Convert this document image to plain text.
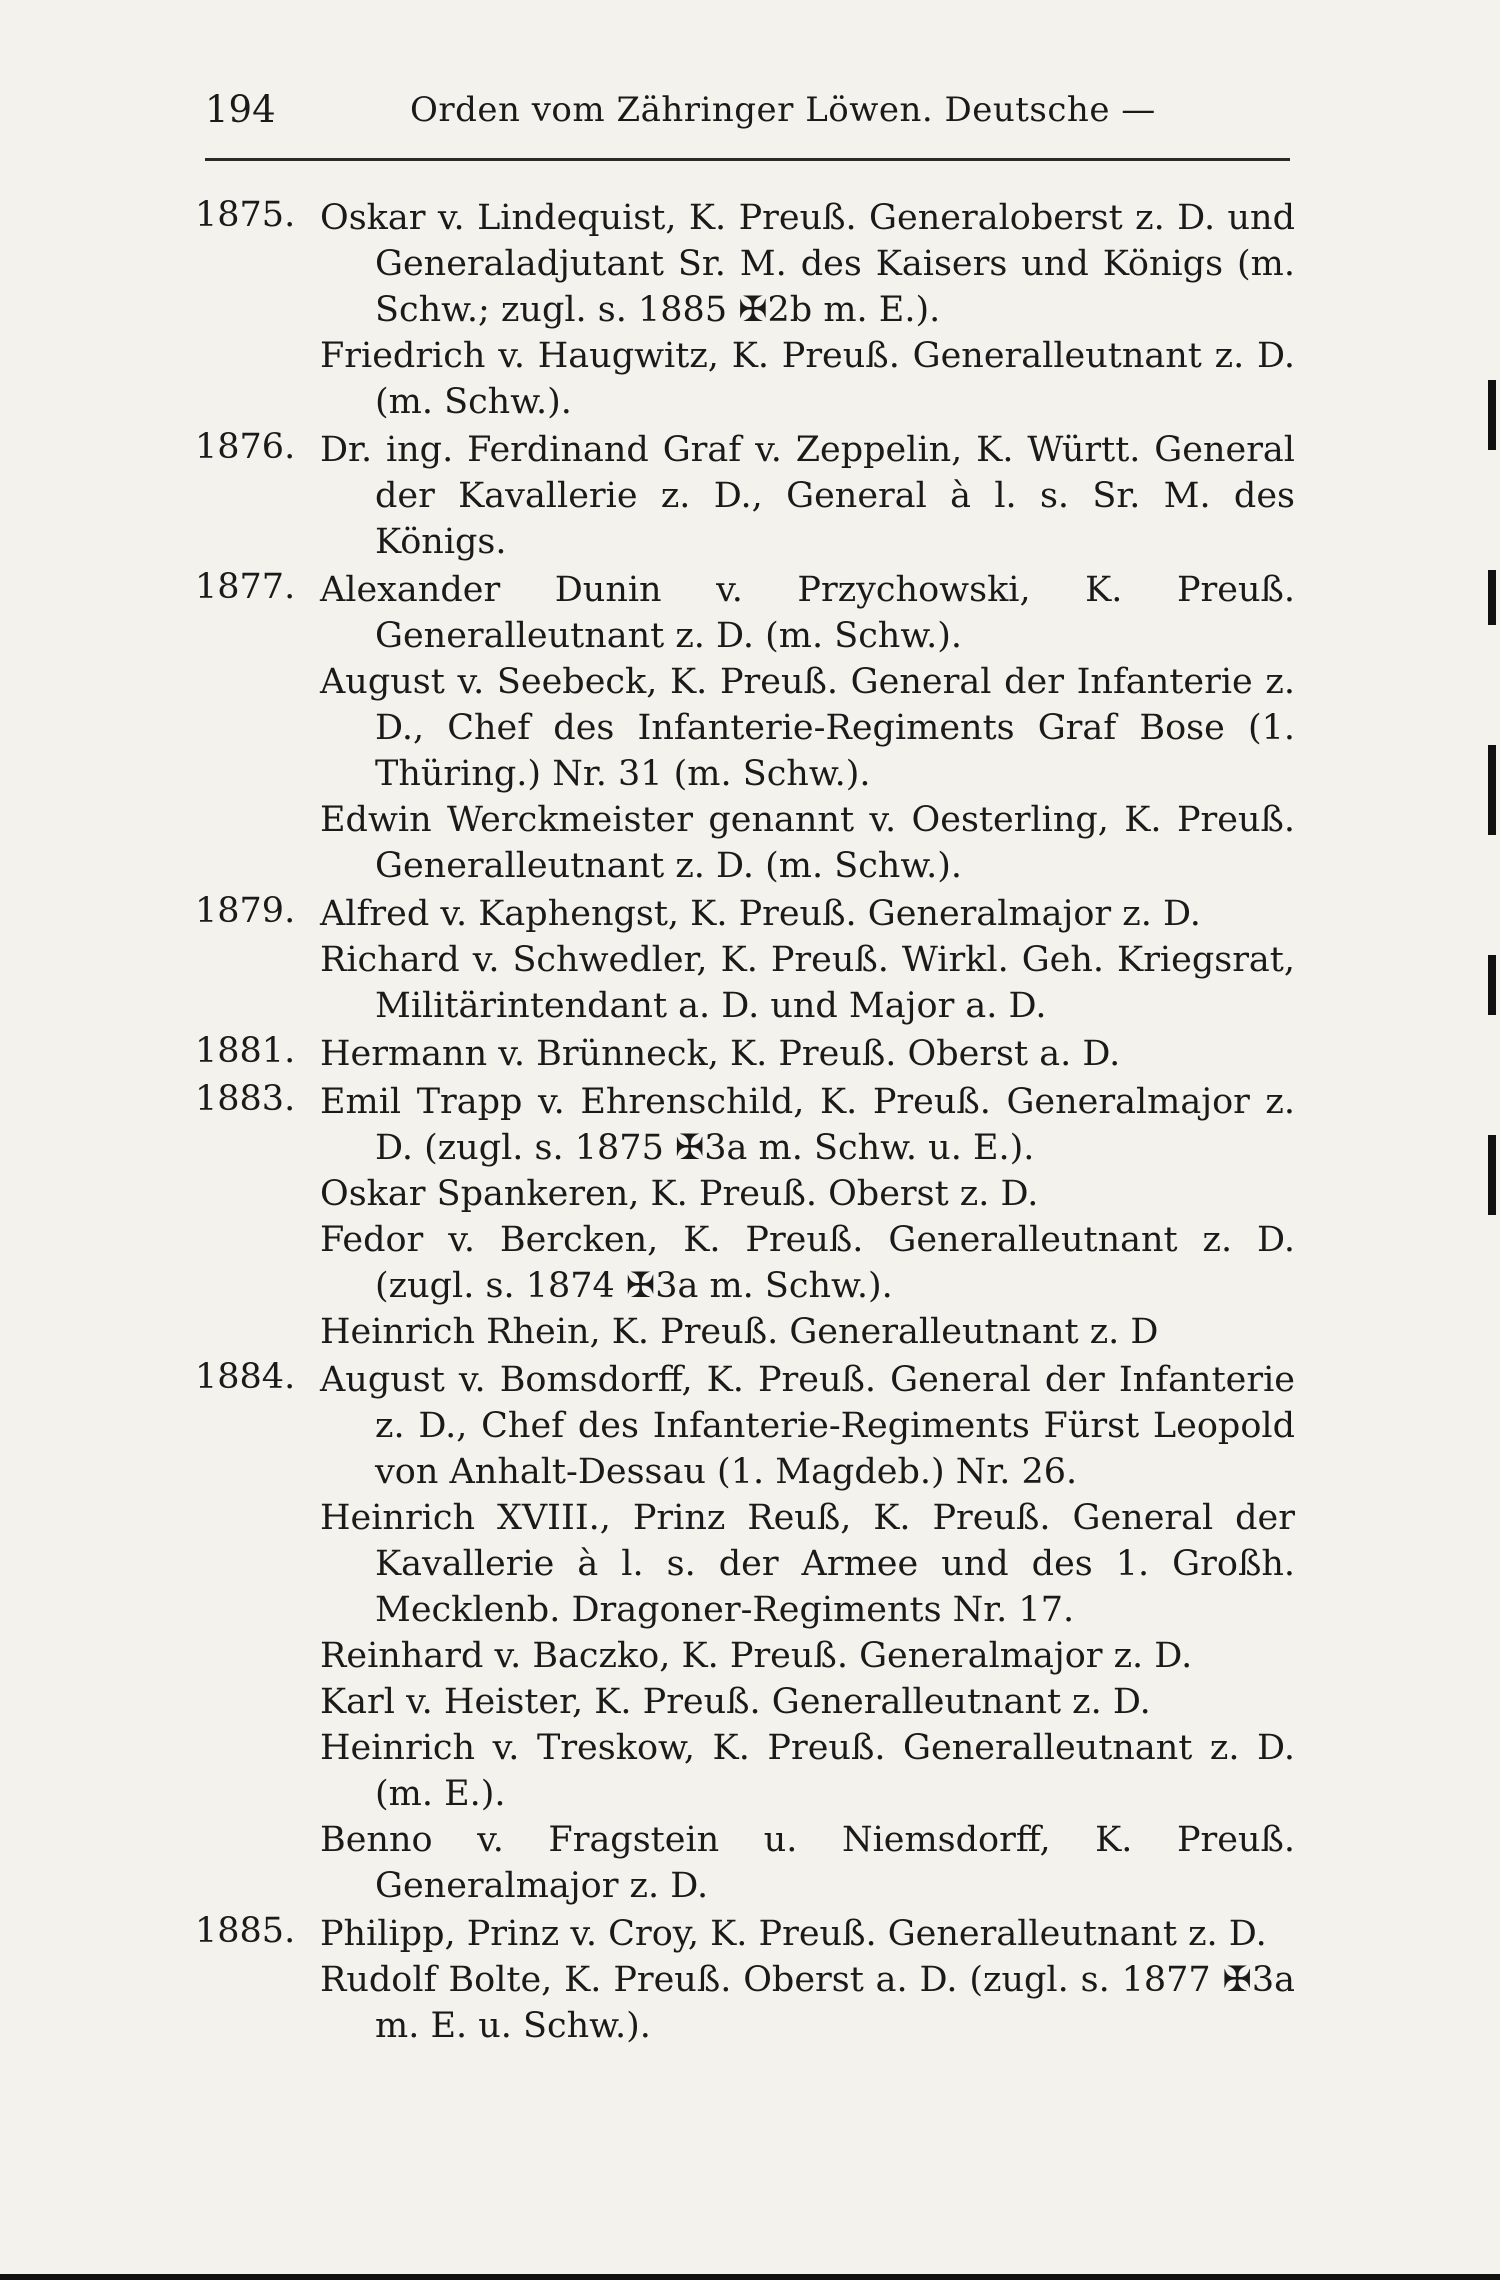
194	Orden vom Zähringer Löwen. Deutsche —
1875. Oskar v. Lindequist, K. Preuß. Generaloberst z. D. und Generaladjutant Sr. M. des Kaisers und Königs (m. Schw.; zugl. s. 1885 ✠2b m. E.).
Friedrich v. Haugwitz, K. Preuß. Generalleutnant z. D. (m. Schw.).
1876. Dr. ing. Ferdinand Graf v. Zeppelin, K. Württ. General der Kavallerie z. D., General à l. s. Sr. M. des Königs.
1877. Alexander Dunin v. Przychowski, K. Preuß. Generalleutnant z. D. (m. Schw.).
August v. Seebeck, K. Preuß. General der Infanterie z. D., Chef des Infanterie-Regiments Graf Bose (1. Thüring.) Nr. 31 (m. Schw.).
Edwin Werckmeister genannt v. Oesterling, K. Preuß. Generalleutnant z. D. (m. Schw.).
1879. Alfred v. Kaphengst, K. Preuß. Generalmajor z. D.
Richard v. Schwedler, K. Preuß. Wirkl. Geh. Kriegsrat, Militärintendant a. D. und Major a. D.
1881. Hermann v. Brünneck, K. Preuß. Oberst a. D.
1883. Emil Trapp v. Ehrenschild, K. Preuß. Generalmajor z. D. (zugl. s. 1875 ✠3a m. Schw. u. E.).
Oskar Spankeren, K. Preuß. Oberst z. D.
Fedor v. Bercken, K. Preuß. Generalleutnant z. D. (zugl. s. 1874 ✠3a m. Schw.).
Heinrich Rhein, K. Preuß. Generalleutnant z. D
1884. August v. Bomsdorff, K. Preuß. General der Infanterie z. D., Chef des Infanterie-Regiments Fürst Leopold von Anhalt-Dessau (1. Magdeb.) Nr. 26.
Heinrich XVIII., Prinz Reuß, K. Preuß. General der Kavallerie à l. s. der Armee und des 1. Großh. Mecklenb. Dragoner-Regiments Nr. 17.
Reinhard v. Baczko, K. Preuß. Generalmajor z. D.
Karl v. Heister, K. Preuß. Generalleutnant z. D.
Heinrich v. Treskow, K. Preuß. Generalleutnant z. D. (m. E.).
Benno v. Fragstein u. Niemsdorff, K. Preuß. Generalmajor z. D.
1885. Philipp, Prinz v. Croy, K. Preuß. Generalleutnant z. D.
Rudolf Bolte, K. Preuß. Oberst a. D. (zugl. s. 1877 ✠3a m. E. u. Schw.).
